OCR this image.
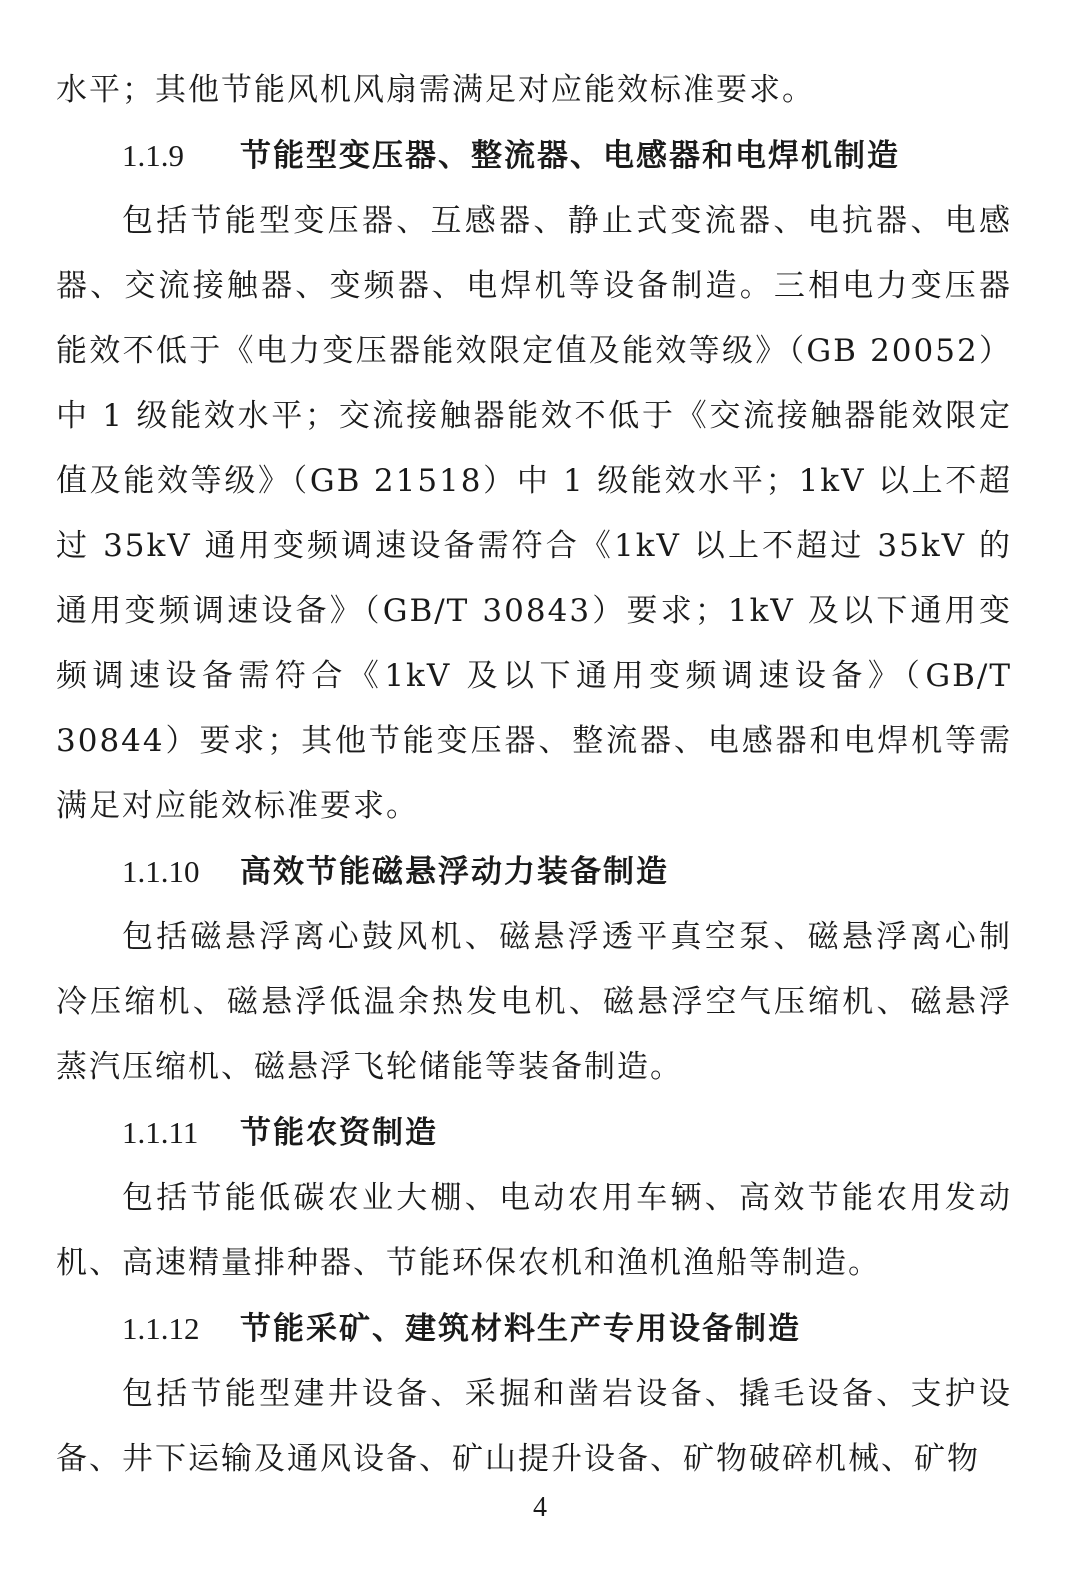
水平；其他节能风机风扇需满足对应能效标准要求。

1.1.9 节能型变压器、整流器、电感器和电焊机制造

包括节能型变压器、互感器、静止式变流器、电抗器、电感器、交流接触器、变频器、电焊机等设备制造。三相电力变压器能效不低于《电力变压器能效限定值及能效等级》（GB 20052）中 1 级能效水平；交流接触器能效不低于《交流接触器能效限定值及能效等级》（GB 21518）中 1 级能效水平；1kV 以上不超过 35kV 通用变频调速设备需符合《1kV 以上不超过 35kV 的通用变频调速设备》（GB/T 30843）要求；1kV 及以下通用变频调速设备需符合《1kV 及以下通用变频调速设备》（GB/T 30844）要求；其他节能变压器、整流器、电感器和电焊机等需满足对应能效标准要求。

1.1.10 高效节能磁悬浮动力装备制造

包括磁悬浮离心鼓风机、磁悬浮透平真空泵、磁悬浮离心制冷压缩机、磁悬浮低温余热发电机、磁悬浮空气压缩机、磁悬浮蒸汽压缩机、磁悬浮飞轮储能等装备制造。

1.1.11 节能农资制造

包括节能低碳农业大棚、电动农用车辆、高效节能农用发动机、高速精量排种器、节能环保农机和渔机渔船等制造。

1.1.12 节能采矿、建筑材料生产专用设备制造

包括节能型建井设备、采掘和凿岩设备、撬毛设备、支护设备、井下运输及通风设备、矿山提升设备、矿物破碎机械、矿物

4
